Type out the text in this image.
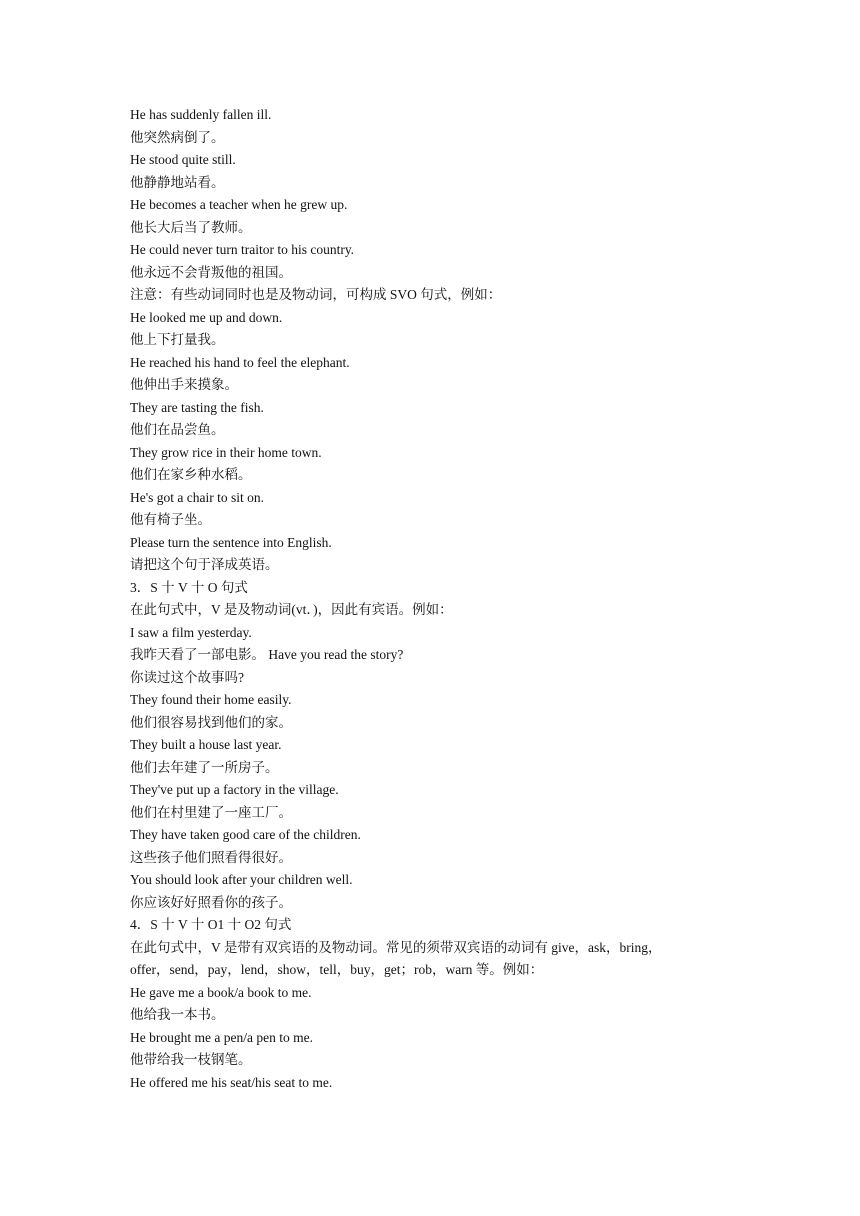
He has suddenly fallen ill.
他突然病倒了。
He stood quite still.
他静静地站看。
He becomes a teacher when he grew up.
他长大后当了教师。
He could never turn traitor to his country.
他永远不会背叛他的祖国。
注意：有些动词同时也是及物动词，可构成 SVO 句式，例如：
He looked me up and down.
他上下打量我。
He reached his hand to feel the elephant.
他伸出手来摸象。
They are tasting the fish.
他们在品尝鱼。
They grow rice in their home town.
他们在家乡种水稻。
He's got a chair to sit on.
他有椅子坐。
Please turn the sentence into English.
请把这个句于泽成英语。
3．S 十 V 十 O 句式
在此句式中，V 是及物动词(vt．)，因此有宾语。例如：
I saw a film yesterday.
我昨天看了一部电影。 Have you read the story?
你读过这个故事吗?
They found their home easily.
他们很容易找到他们的家。
They built a house last year.
他们去年建了一所房子。
They've put up a factory in the village.
他们在村里建了一座工厂。
They have taken good care of the children.
这些孩子他们照看得很好。
You should look after your children well.
你应该好好照看你的孩子。
4．S 十 V 十 O1 十 O2 句式
在此句式中，V 是带有双宾语的及物动词。常见的须带双宾语的动词有 give，ask，bring，
offer，send，pay，lend，show，tell，buy，get；rob，warn 等。例如：
He gave me a book/a book to me.
他给我一本书。
He brought me a pen/a pen to me.
他带给我一枝钢笔。
He offered me his seat/his seat to me.
